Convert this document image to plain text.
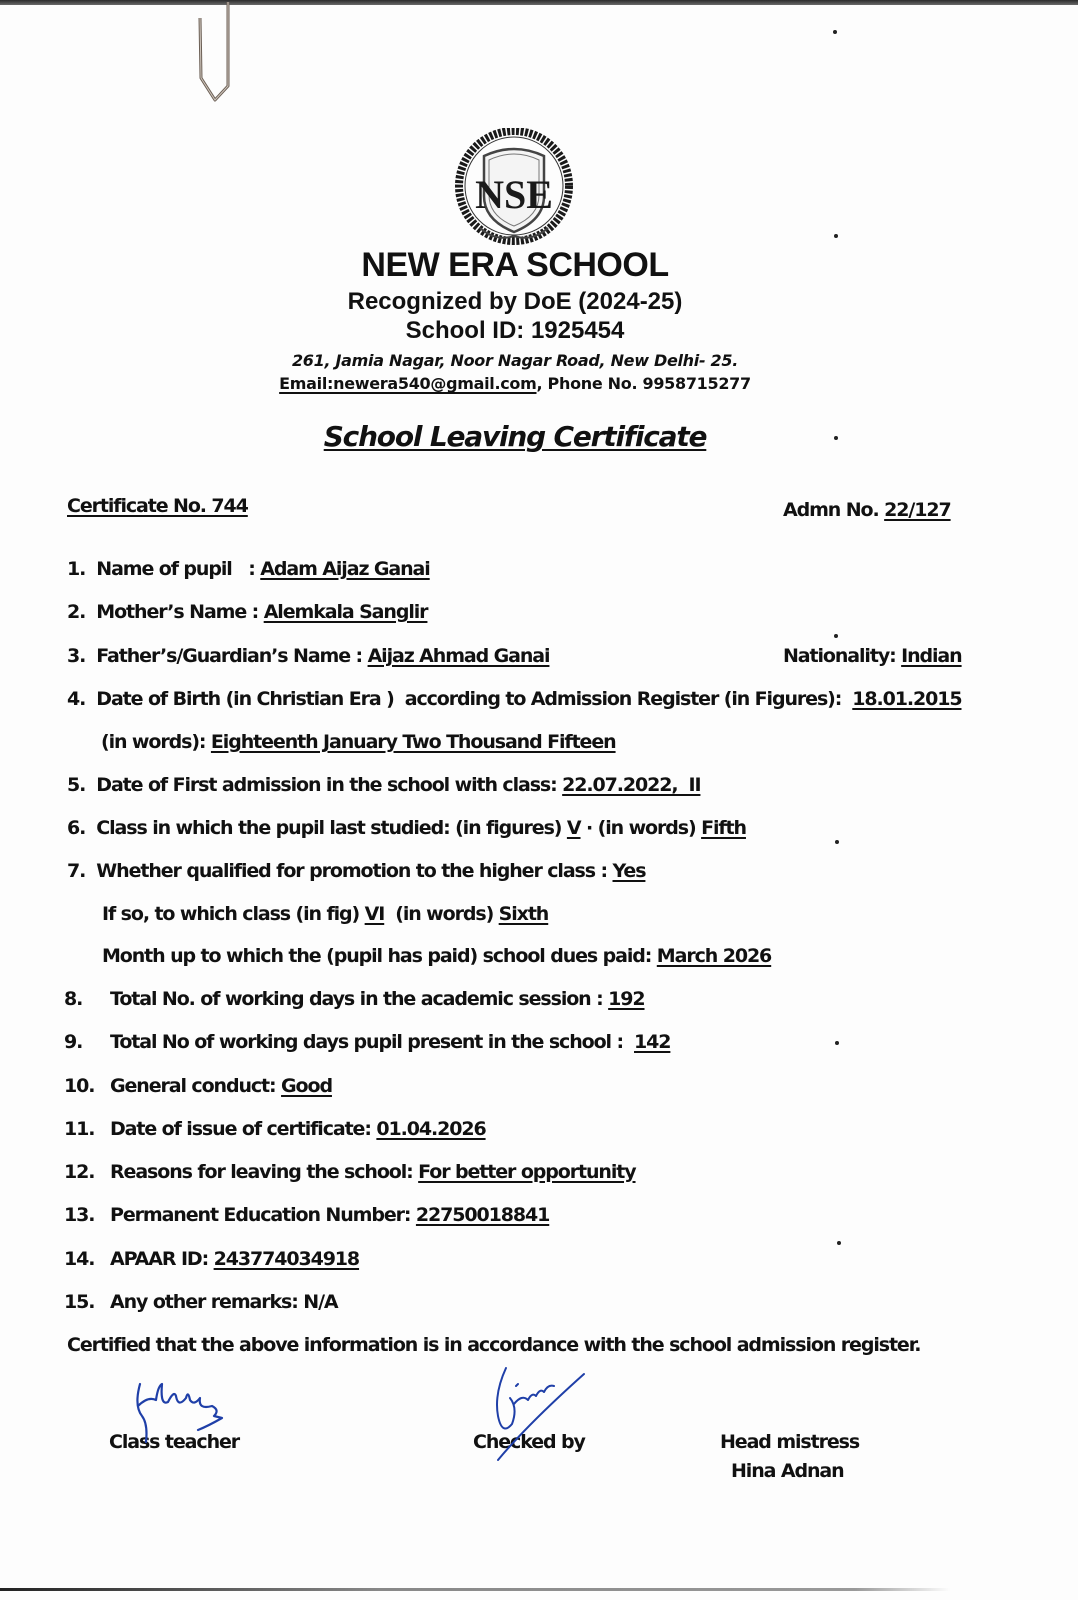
NSE
NEW ERA SCHOOL
Recognized by DoE (2024-25)
School ID: 1925454
261, Jamia Nagar, Noor Nagar Road, New Delhi- 25.
Email:newera540@gmail.com, Phone No. 9958715277
School Leaving Certificate
Certificate No. 744	Admn No. 22/127
1. Name of pupil   : Adam Aijaz Ganai
2. Mother’s Name : Alemkala Sanglir
3. Father’s/Guardian’s Name : Aijaz Ahmad Ganai	Nationality: Indian
4. Date of Birth (in Christian Era )  according to Admission Register (in Figures):  18.01.2015
(in words): Eighteenth January Two Thousand Fifteen
5. Date of First admission in the school with class: 22.07.2022,  II
6. Class in which the pupil last studied: (in figures) V · (in words) Fifth
7. Whether qualified for promotion to the higher class : Yes
If so, to which class (in fig) VI  (in words) Sixth
Month up to which the (pupil has paid) school dues paid: March 2026
8. Total No. of working days in the academic session : 192
9. Total No of working days pupil present in the school :  142
10. General conduct: Good
11. Date of issue of certificate: 01.04.2026
12. Reasons for leaving the school: For better opportunity
13. Permanent Education Number: 22750018841
14. APAAR ID: 243774034918
15. Any other remarks: N/A
Certified that the above information is in accordance with the school admission register.
Class teacher	Checked by	Head mistress
Hina Adnan
